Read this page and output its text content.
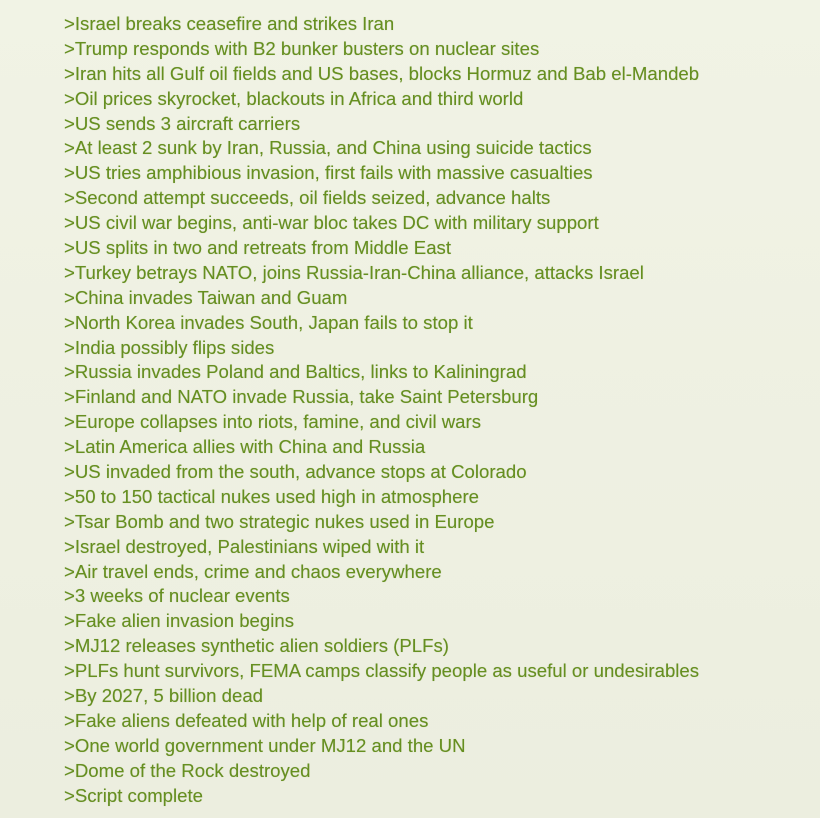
>Israel breaks ceasefire and strikes Iran
>Trump responds with B2 bunker busters on nuclear sites
>Iran hits all Gulf oil fields and US bases, blocks Hormuz and Bab el-Mandeb
>Oil prices skyrocket, blackouts in Africa and third world
>US sends 3 aircraft carriers
>At least 2 sunk by Iran, Russia, and China using suicide tactics
>US tries amphibious invasion, first fails with massive casualties
>Second attempt succeeds, oil fields seized, advance halts
>US civil war begins, anti-war bloc takes DC with military support
>US splits in two and retreats from Middle East
>Turkey betrays NATO, joins Russia-Iran-China alliance, attacks Israel
>China invades Taiwan and Guam
>North Korea invades South, Japan fails to stop it
>India possibly flips sides
>Russia invades Poland and Baltics, links to Kaliningrad
>Finland and NATO invade Russia, take Saint Petersburg
>Europe collapses into riots, famine, and civil wars
>Latin America allies with China and Russia
>US invaded from the south, advance stops at Colorado
>50 to 150 tactical nukes used high in atmosphere
>Tsar Bomb and two strategic nukes used in Europe
>Israel destroyed, Palestinians wiped with it
>Air travel ends, crime and chaos everywhere
>3 weeks of nuclear events
>Fake alien invasion begins
>MJ12 releases synthetic alien soldiers (PLFs)
>PLFs hunt survivors, FEMA camps classify people as useful or undesirables
>By 2027, 5 billion dead
>Fake aliens defeated with help of real ones
>One world government under MJ12 and the UN
>Dome of the Rock destroyed
>Script complete
